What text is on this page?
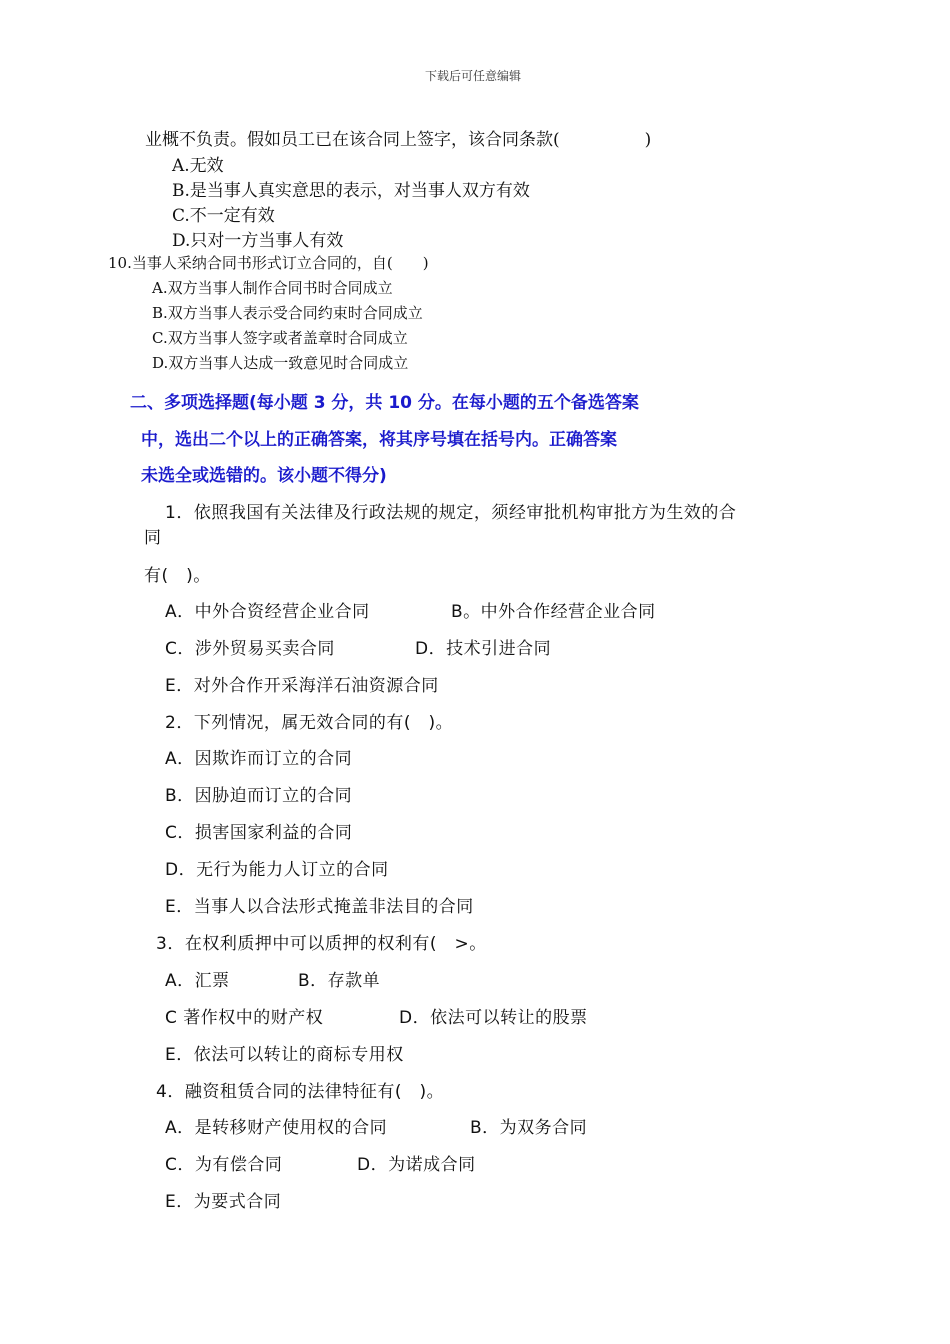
下载后可任意编辑
业概不负责。假如员工已在该合同上签字，该合同条款(　　　　　)
A.无效
B.是当事人真实意思的表示，对当事人双方有效
C.不一定有效
D.只对一方当事人有效
10.当事人采纳合同书形式订立合同的，自(　　)
A.双方当事人制作合同书时合同成立
B.双方当事人表示受合同约束时合同成立
C.双方当事人签字或者盖章时合同成立
D.双方当事人达成一致意见时合同成立
二、多项选择题(每小题 3 分，共 10 分。在每小题的五个备选答案
中，选出二个以上的正确答案，将其序号填在括号内。正确答案
未选全或选错的。该小题不得分)
1．依照我国有关法律及行政法规的规定，须经审批机构审批方为生效的合
同
有(　)。
A．中外合资经营企业合同	B。中外合作经营企业合同
C．涉外贸易买卖合同	D．技术引进合同
E．对外合作开采海洋石油资源合同
2．下列情况，属无效合同的有(　)。
A．因欺诈而订立的合同
B．因胁迫而订立的合同
C．损害国家利益的合同
D．无行为能力人订立的合同
E．当事人以合法形式掩盖非法目的合同
3．在权利质押中可以质押的权利有(　>。
A．汇票	B．存款单
C 著作权中的财产权	D．依法可以转让的股票
E．依法可以转让的商标专用权
4．融资租赁合同的法律特征有(　)。
A．是转移财产使用权的合同	B．为双务合同
C．为有偿合同	D．为诺成合同
E．为要式合同
